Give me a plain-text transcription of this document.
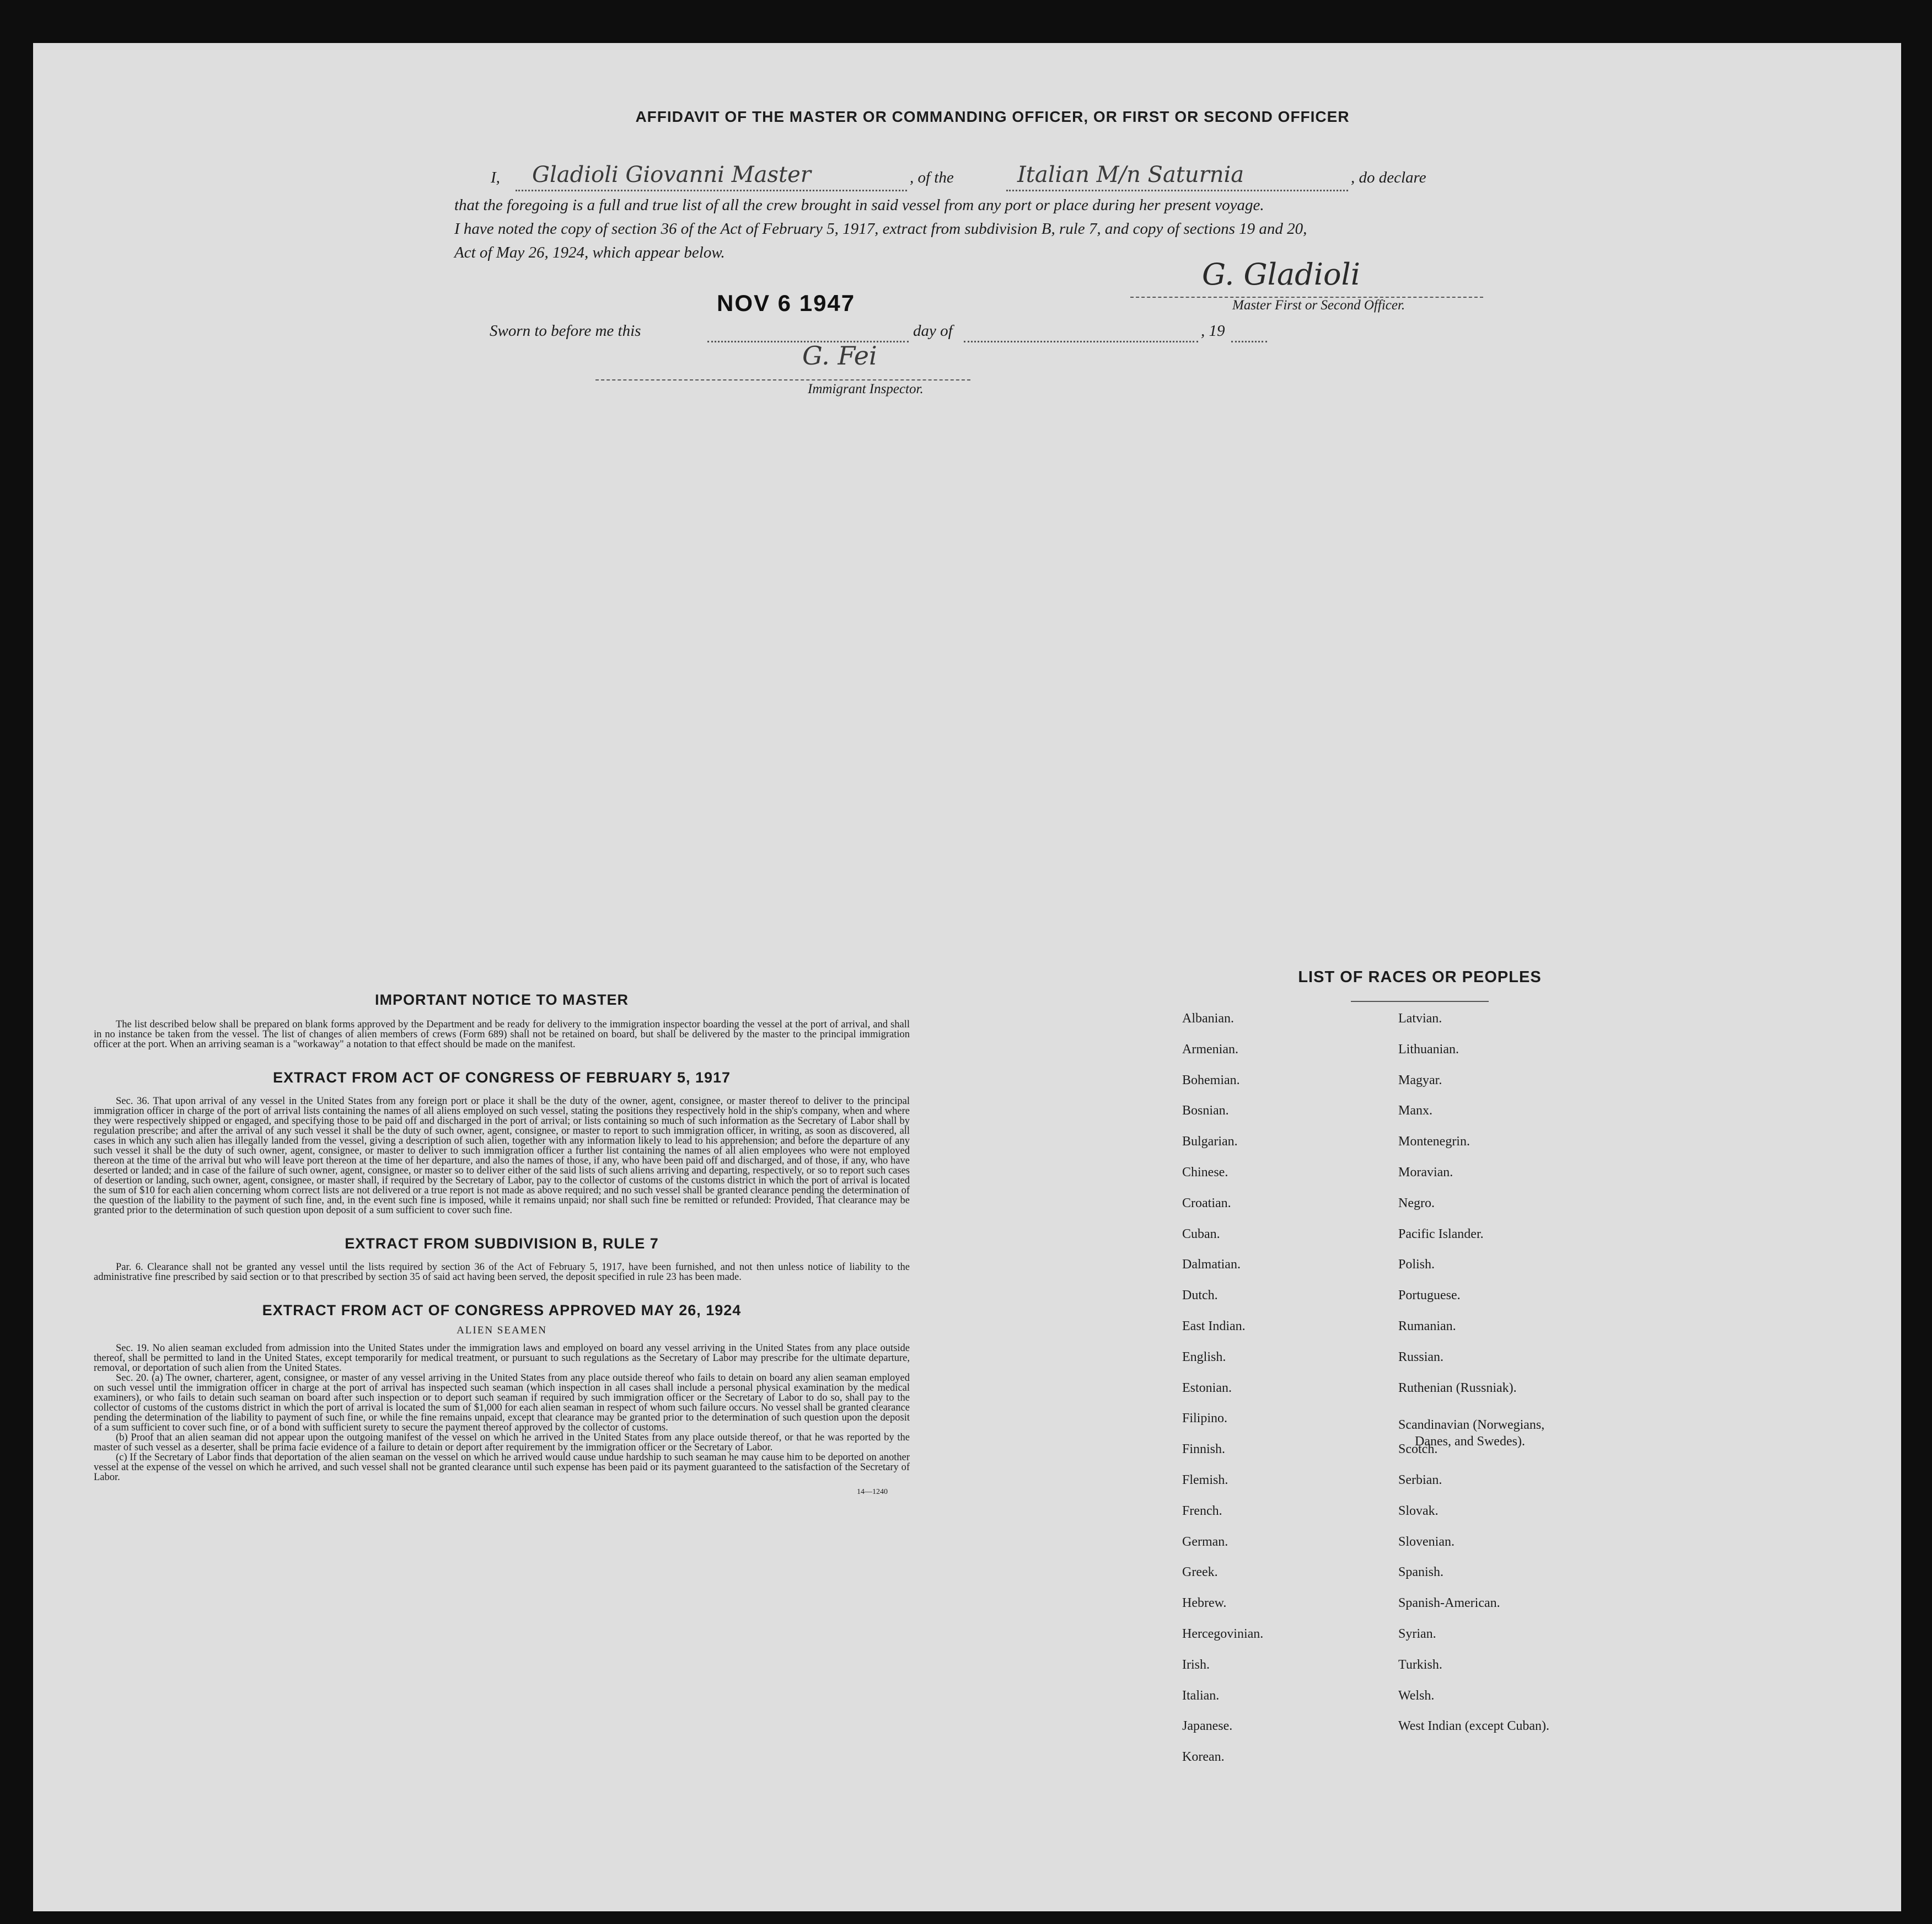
AFFIDAVIT OF THE MASTER OR COMMANDING OFFICER, OR FIRST OR SECOND OFFICER
I, Gladioli Giovanni Master	, of the	Italian M/n Saturnia	, do declare
that the foregoing is a full and true list of all the crew brought in said vessel from any port or place during her present voyage.
I have noted the copy of section 36 of the Act of February 5, 1917, extract from subdivision B, rule 7, and copy of sections 19 and 20,
Act of May 26, 1924, which appear below.
G. Gladioli
Master First or Second Officer.
NOV 6 1947
Sworn to before me this	day of	, 19
G. Fei
Immigrant Inspector.
IMPORTANT NOTICE TO MASTER
The list described below shall be prepared on blank forms approved by the Department and be ready for delivery to the immigration inspector boarding the vessel at the port of arrival, and shall in no instance be taken from the vessel. The list of changes of alien members of crews (Form 689) shall not be retained on board, but shall be delivered by the master to the principal immigration officer at the port. When an arriving seaman is a "workaway" a notation to that effect should be made on the manifest.
EXTRACT FROM ACT OF CONGRESS OF FEBRUARY 5, 1917
Sec. 36. That upon arrival of any vessel in the United States from any foreign port or place it shall be the duty of the owner, agent, consignee, or master thereof to deliver to the principal immigration officer in charge of the port of arrival lists containing the names of all aliens employed on such vessel, stating the positions they respectively hold in the ship's company, when and where they were respectively shipped or engaged, and specifying those to be paid off and discharged in the port of arrival; or lists containing so much of such information as the Secretary of Labor shall by regulation prescribe; and after the arrival of any such vessel it shall be the duty of such owner, agent, consignee, or master to report to such immigration officer, in writing, as soon as discovered, all cases in which any such alien has illegally landed from the vessel, giving a description of such alien, together with any information likely to lead to his apprehension; and before the departure of any such vessel it shall be the duty of such owner, agent, consignee, or master to deliver to such immigration officer a further list containing the names of all alien employees who were not employed thereon at the time of the arrival but who will leave port thereon at the time of her departure, and also the names of those, if any, who have been paid off and discharged, and of those, if any, who have deserted or landed; and in case of the failure of such owner, agent, consignee, or master so to deliver either of the said lists of such aliens arriving and departing, respectively, or so to report such cases of desertion or landing, such owner, agent, consignee, or master shall, if required by the Secretary of Labor, pay to the collector of customs of the customs district in which the port of arrival is located the sum of $10 for each alien concerning whom correct lists are not delivered or a true report is not made as above required; and no such vessel shall be granted clearance pending the determination of the question of the liability to the payment of such fine, and, in the event such fine is imposed, while it remains unpaid; nor shall such fine be remitted or refunded: Provided, That clearance may be granted prior to the determination of such question upon deposit of a sum sufficient to cover such fine.
EXTRACT FROM SUBDIVISION B, RULE 7
Par. 6. Clearance shall not be granted any vessel until the lists required by section 36 of the Act of February 5, 1917, have been furnished, and not then unless notice of liability to the administrative fine prescribed by said section or to that prescribed by section 35 of said act having been served, the deposit specified in rule 23 has been made.
EXTRACT FROM ACT OF CONGRESS APPROVED MAY 26, 1924
ALIEN SEAMEN
Sec. 19. No alien seaman excluded from admission into the United States under the immigration laws and employed on board any vessel arriving in the United States from any place outside thereof, shall be permitted to land in the United States, except temporarily for medical treatment, or pursuant to such regulations as the Secretary of Labor may prescribe for the ultimate departure, removal, or deportation of such alien from the United States.
Sec. 20. (a) The owner, charterer, agent, consignee, or master of any vessel arriving in the United States from any place outside thereof who fails to detain on board any alien seaman employed on such vessel until the immigration officer in charge at the port of arrival has inspected such seaman (which inspection in all cases shall include a personal physical examination by the medical examiners), or who fails to detain such seaman on board after such inspection or to deport such seaman if required by such immigration officer or the Secretary of Labor to do so, shall pay to the collector of customs of the customs district in which the port of arrival is located the sum of $1,000 for each alien seaman in respect of whom such failure occurs. No vessel shall be granted clearance pending the determination of the liability to payment of such fine, or while the fine remains unpaid, except that clearance may be granted prior to the determination of such question upon the deposit of a sum sufficient to cover such fine, or of a bond with sufficient surety to secure the payment thereof approved by the collector of customs.
(b) Proof that an alien seaman did not appear upon the outgoing manifest of the vessel on which he arrived in the United States from any place outside thereof, or that he was reported by the master of such vessel as a deserter, shall be prima facie evidence of a failure to detain or deport after requirement by the immigration officer or the Secretary of Labor.
(c) If the Secretary of Labor finds that deportation of the alien seaman on the vessel on which he arrived would cause undue hardship to such seaman he may cause him to be deported on another vessel at the expense of the vessel on which he arrived, and such vessel shall not be granted clearance until such expense has been paid or its payment guaranteed to the satisfaction of the Secretary of Labor.
14—1240
LIST OF RACES OR PEOPLES
Albanian.
Armenian.
Bohemian.
Bosnian.
Bulgarian.
Chinese.
Croatian.
Cuban.
Dalmatian.
Dutch.
East Indian.
English.
Estonian.
Filipino.
Finnish.
Flemish.
French.
German.
Greek.
Hebrew.
Hercegovinian.
Irish.
Italian.
Japanese.
Korean.
Latvian.
Lithuanian.
Magyar.
Manx.
Montenegrin.
Moravian.
Negro.
Pacific Islander.
Polish.
Portuguese.
Rumanian.
Russian.
Ruthenian (Russniak).
Scandinavian (Norwegians,
Danes, and Swedes).
Scotch.
Serbian.
Slovak.
Slovenian.
Spanish.
Spanish-American.
Syrian.
Turkish.
Welsh.
West Indian (except Cuban).
